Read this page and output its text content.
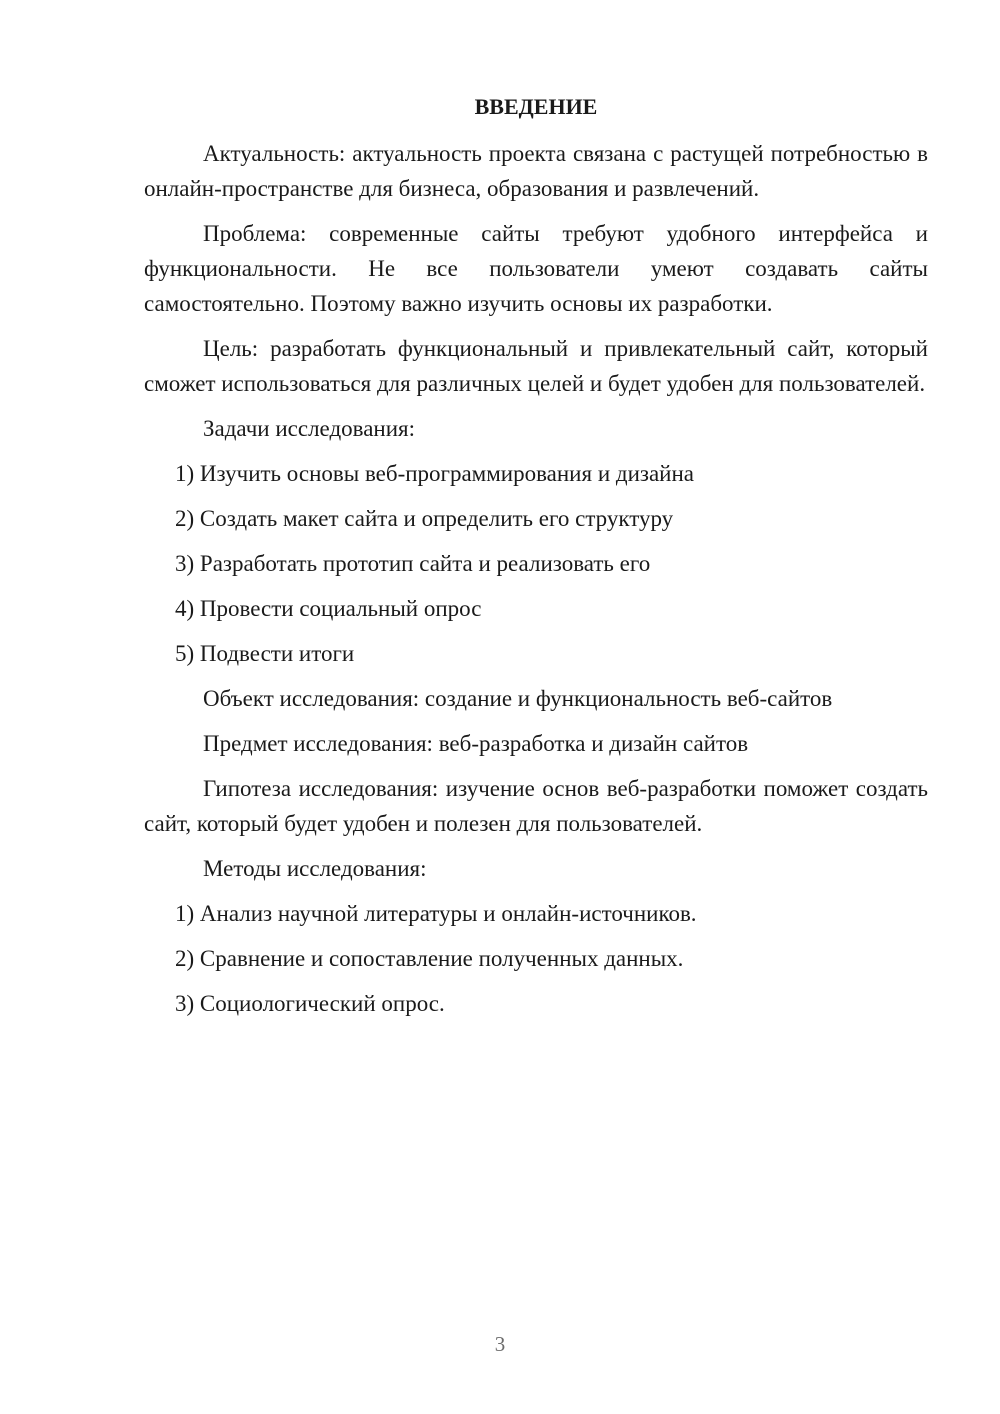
ВВЕДЕНИЕ

Актуальность: актуальность проекта связана с растущей потребностью в онлайн-пространстве для бизнеса, образования и развлечений.

Проблема: современные сайты требуют удобного интерфейса и функциональности. Не все пользователи умеют создавать сайты самостоятельно. Поэтому важно изучить основы их разработки.

Цель: разработать функциональный и привлекательный сайт, который сможет использоваться для различных целей и будет удобен для пользователей.

Задачи исследования:
1) Изучить основы веб-программирования и дизайна
2) Создать макет сайта и определить его структуру
3) Разработать прототип сайта и реализовать его
4) Провести социальный опрос
5) Подвести итоги
Объект исследования: создание и функциональность веб-сайтов
Предмет исследования: веб-разработка и дизайн сайтов

Гипотеза исследования: изучение основ веб-разработки поможет создать сайт, который будет удобен и полезен для пользователей.

Методы исследования:
1) Анализ научной литературы и онлайн-источников.
2) Сравнение и сопоставление полученных данных.
3) Социологический опрос.
3
